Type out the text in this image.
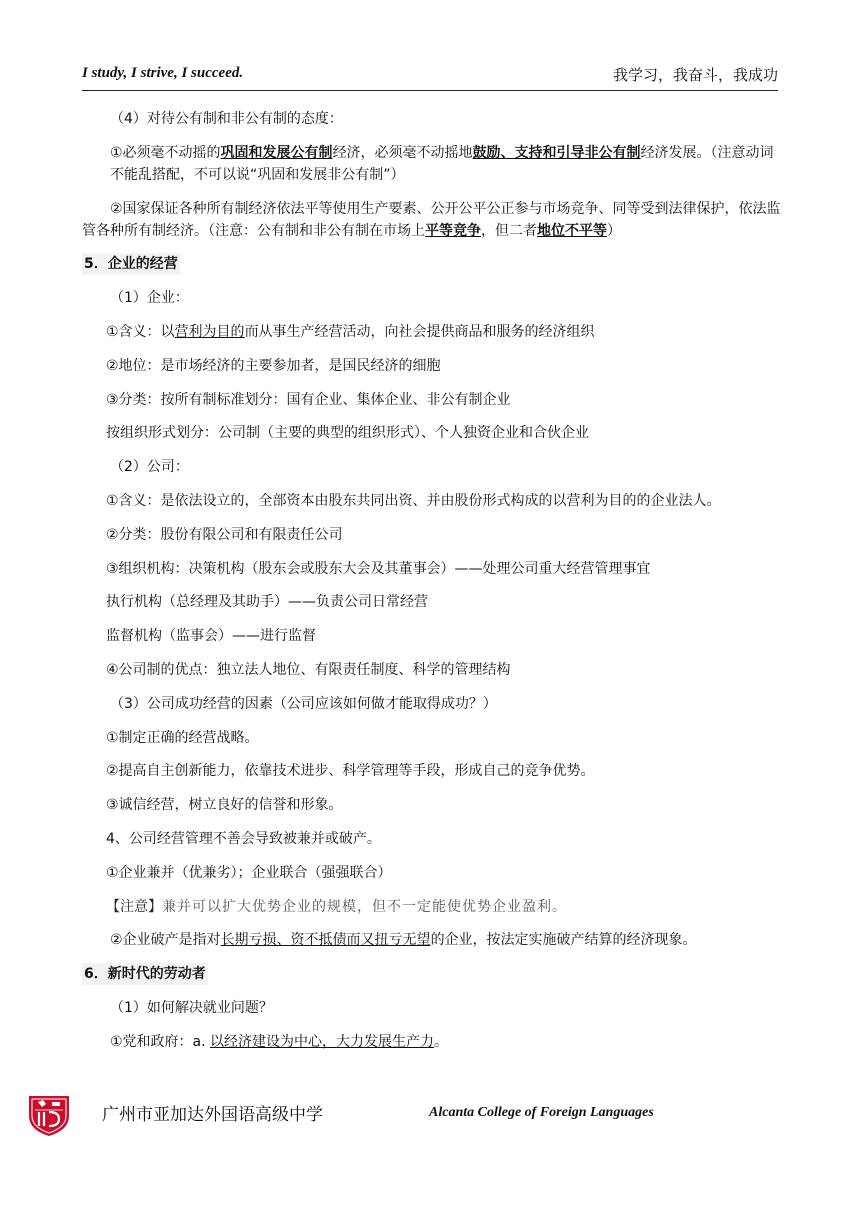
I study, I strive, I succeed.	我学习，我奋斗，我成功
（4）对待公有制和非公有制的态度：
①必须毫不动摇的巩固和发展公有制经济，必须毫不动摇地鼓励、支持和引导非公有制经济发展。（注意动词不能乱搭配，不可以说“巩固和发展非公有制”）
②国家保证各种所有制经济依法平等使用生产要素、公开公平公正参与市场竞争、同等受到法律保护，依法监管各种所有制经济。（注意：公有制和非公有制在市场上平等竞争，但二者地位不平等）
5．企业的经营
（1）企业：
①含义：以营利为目的而从事生产经营活动，向社会提供商品和服务的经济组织
②地位：是市场经济的主要参加者，是国民经济的细胞
③分类：按所有制标准划分：国有企业、集体企业、非公有制企业
按组织形式划分：公司制（主要的典型的组织形式）、个人独资企业和合伙企业
（2）公司：
①含义：是依法设立的，全部资本由股东共同出资、并由股份形式构成的以营利为目的的企业法人。
②分类：股份有限公司和有限责任公司
③组织机构：决策机构（股东会或股东大会及其董事会）——处理公司重大经营管理事宜
执行机构（总经理及其助手）——负责公司日常经营
监督机构（监事会）——进行监督
④公司制的优点：独立法人地位、有限责任制度、科学的管理结构
（3）公司成功经营的因素（公司应该如何做才能取得成功？）
①制定正确的经营战略。
②提高自主创新能力，依靠技术进步、科学管理等手段，形成自己的竞争优势。
③诚信经营，树立良好的信誉和形象。
4、公司经营管理不善会导致被兼并或破产。
①企业兼并（优兼劣）；企业联合（强强联合）
【注意】兼并可以扩大优势企业的规模，但不一定能使优势企业盈利。
②企业破产是指对长期亏损、资不抵债而又扭亏无望的企业，按法定实施破产结算的经济现象。
6．新时代的劳动者
（1）如何解决就业问题？
①党和政府：a. 以经济建设为中心，大力发展生产力。
广州市亚加达外国语高级中学	Alcanta College of Foreign Languages
